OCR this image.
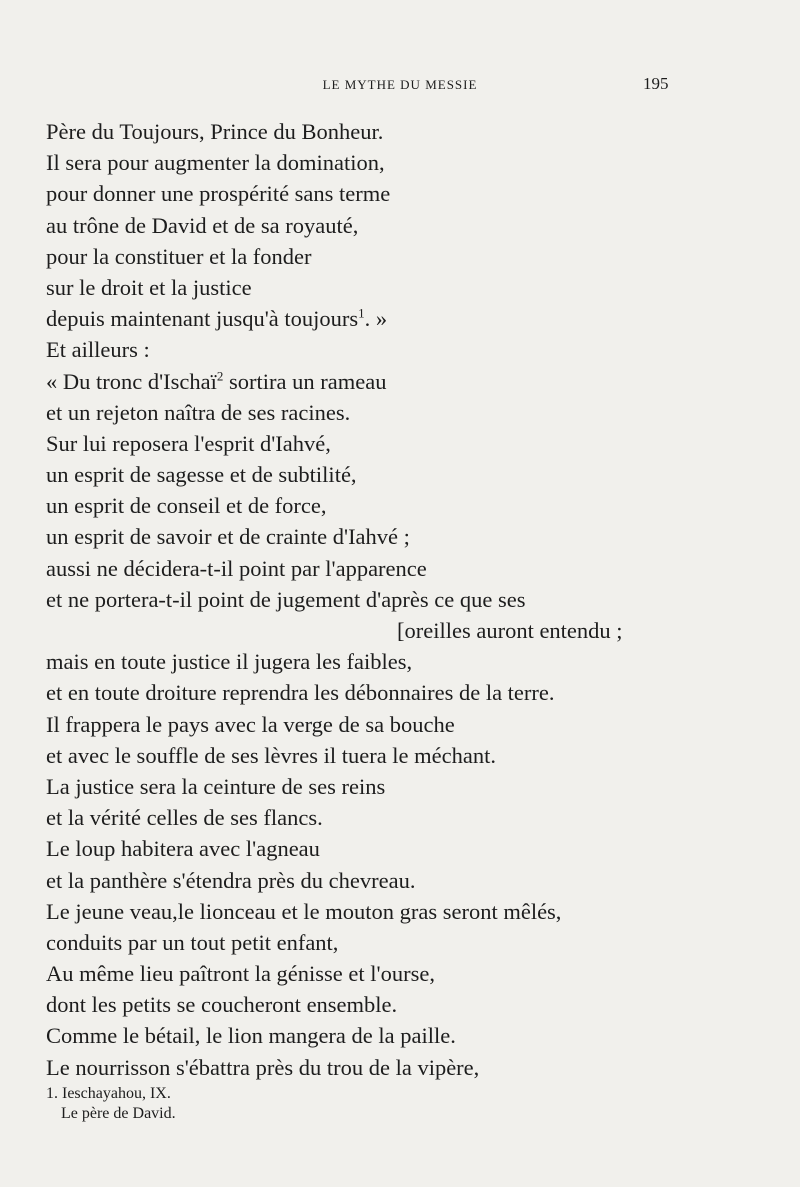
LE MYTHE DU MESSIE	195
Père du Toujours, Prince du Bonheur.
Il sera pour augmenter la domination,
pour donner une prospérité sans terme
au trône de David et de sa royauté,
pour la constituer et la fonder
sur le droit et la justice
depuis maintenant jusqu'à toujours$^1$. »
Et ailleurs :
« Du tronc d'Ischaï$^2$ sortira un rameau
et un rejeton naîtra de ses racines.
Sur lui reposera l'esprit d'Iahvé,
un esprit de sagesse et de subtilité,
un esprit de conseil et de force,
un esprit de savoir et de crainte d'Iahvé ;
aussi ne décidera-t-il point par l'apparence
et ne portera-t-il point de jugement d'après ce que ses
[oreilles auront entendu ;
mais en toute justice il jugera les faibles,
et en toute droiture reprendra les débonnaires de la terre.
Il frappera le pays avec la verge de sa bouche
et avec le souffle de ses lèvres il tuera le méchant.
La justice sera la ceinture de ses reins
et la vérité celles de ses flancs.
Le loup habitera avec l'agneau
et la panthère s'étendra près du chevreau.
Le jeune veau,le lionceau et le mouton gras seront mêlés,
conduits par un tout petit enfant,
Au même lieu paîtront la génisse et l'ourse,
dont les petits se coucheront ensemble.
Comme le bétail, le lion mangera de la paille.
Le nourrisson s'ébattra près du trou de la vipère,
1. Ieschayahou, IX.
Le père de David.
